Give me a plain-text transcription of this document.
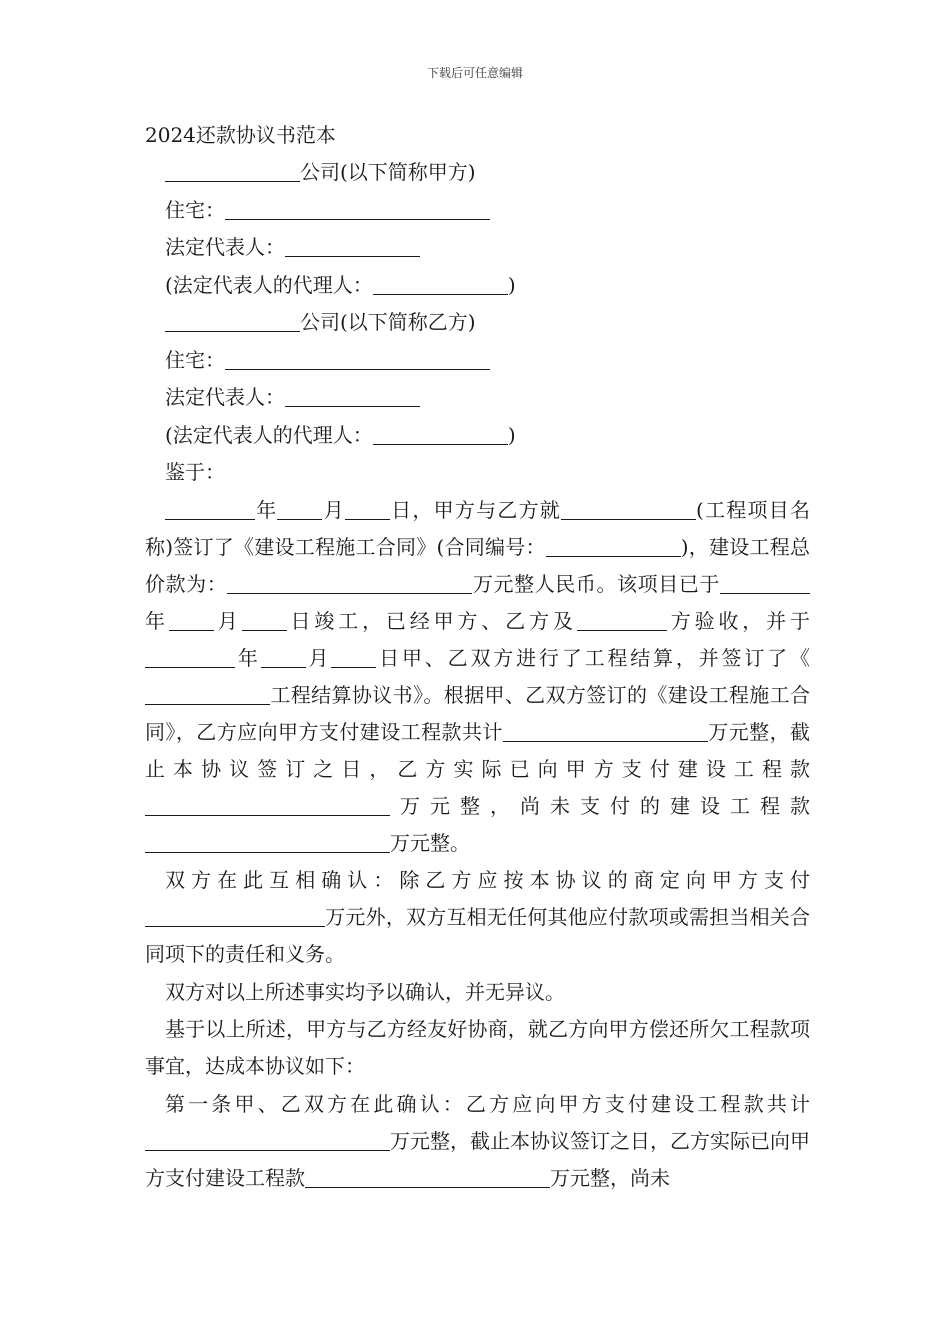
下载后可任意编辑
2024还款协议书范本
公司(以下简称甲方)
住宅：
法定代表人：
(法定代表人的代理人：	)
公司(以下简称乙方)
住宅：
法定代表人：
(法定代表人的代理人：	)
鉴于：
年 月 日，甲方与乙方就	(工程项目名称)签订了《建设工程施工合同》(合同编号：	)，建设工程总价款为：	万元整人民币。该项目已于年 月 日竣工，已经甲方、乙方及	方验收，并于年 月 日甲、乙双方进行了工程结算，并签订了《工程结算协议书》。根据甲、乙双方签订的《建设工程施工合同》，乙方应向甲方支付建设工程款共计	万元整，截止本协议签订之日，乙方实际已向甲方支付建设工程款万元整，尚未支付的建设工程款万元整。
双方在此互相确认：除乙方应按本协议的商定向甲方支付万元外，双方互相无任何其他应付款项或需担当相关合同项下的责任和义务。
双方对以上所述事实均予以确认，并无异议。
基于以上所述，甲方与乙方经友好协商，就乙方向甲方偿还所欠工程款项事宜，达成本协议如下：
第一条甲、乙双方在此确认：乙方应向甲方支付建设工程款共计万元整，截止本协议签订之日，乙方实际已向甲方支付建设工程款	万元整，尚未
